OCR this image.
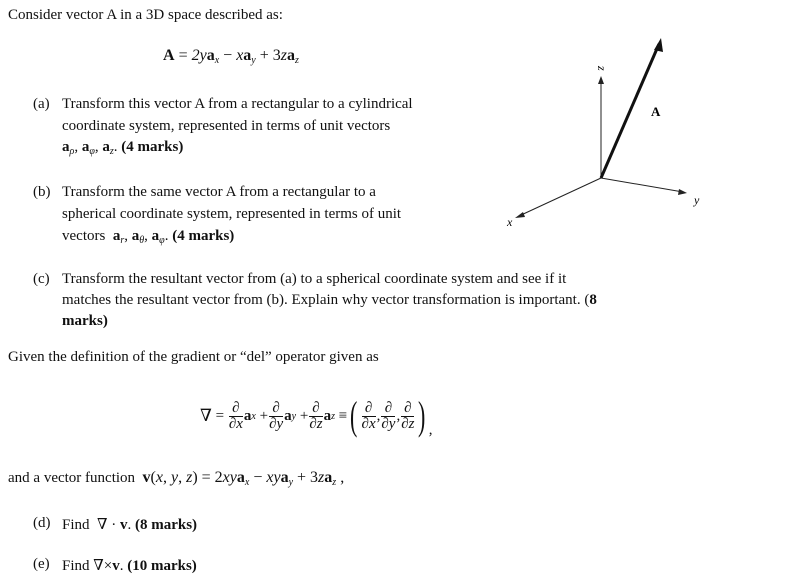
Consider vector A in a 3D space described as:
$A = 2ya_x - xa_y + 3za_z$
(a) Transform this vector A from a rectangular to a cylindrical
coordinate system, represented in terms of unit vectors
$a_\rho$, $a_\varphi$, $a_z$. (4 marks)
(b) Transform the same vector A from a rectangular to a
spherical coordinate system, represented in terms of unit
vectors $a_r$, $a_\theta$, $a_\varphi$. (4 marks)
z
y
x
A
(c) Transform the resultant vector from (a) to a spherical coordinate system and see if it
matches the resultant vector from (b). Explain why vector transformation is important. (8
marks)
Given the definition of the gradient or “del” operator given as
∇ = $\frac{\partial}{\partial x}$ a $x + \frac{\partial}{\partial y}$ a $y + \frac{\partial}{\partial z}$ a z ≡ ( $\frac{\partial}{\partial x}$ , $\frac{\partial}{\partial y}$ , $\frac{\partial}{\partial z}$ ) ,
and a vector function v(x, y, $z) = 2xya_x - xya_y + 3za_z$ ,
(d) Find  ∇ · v. (8 marks)
(e) Find ∇×v. (10 marks)
